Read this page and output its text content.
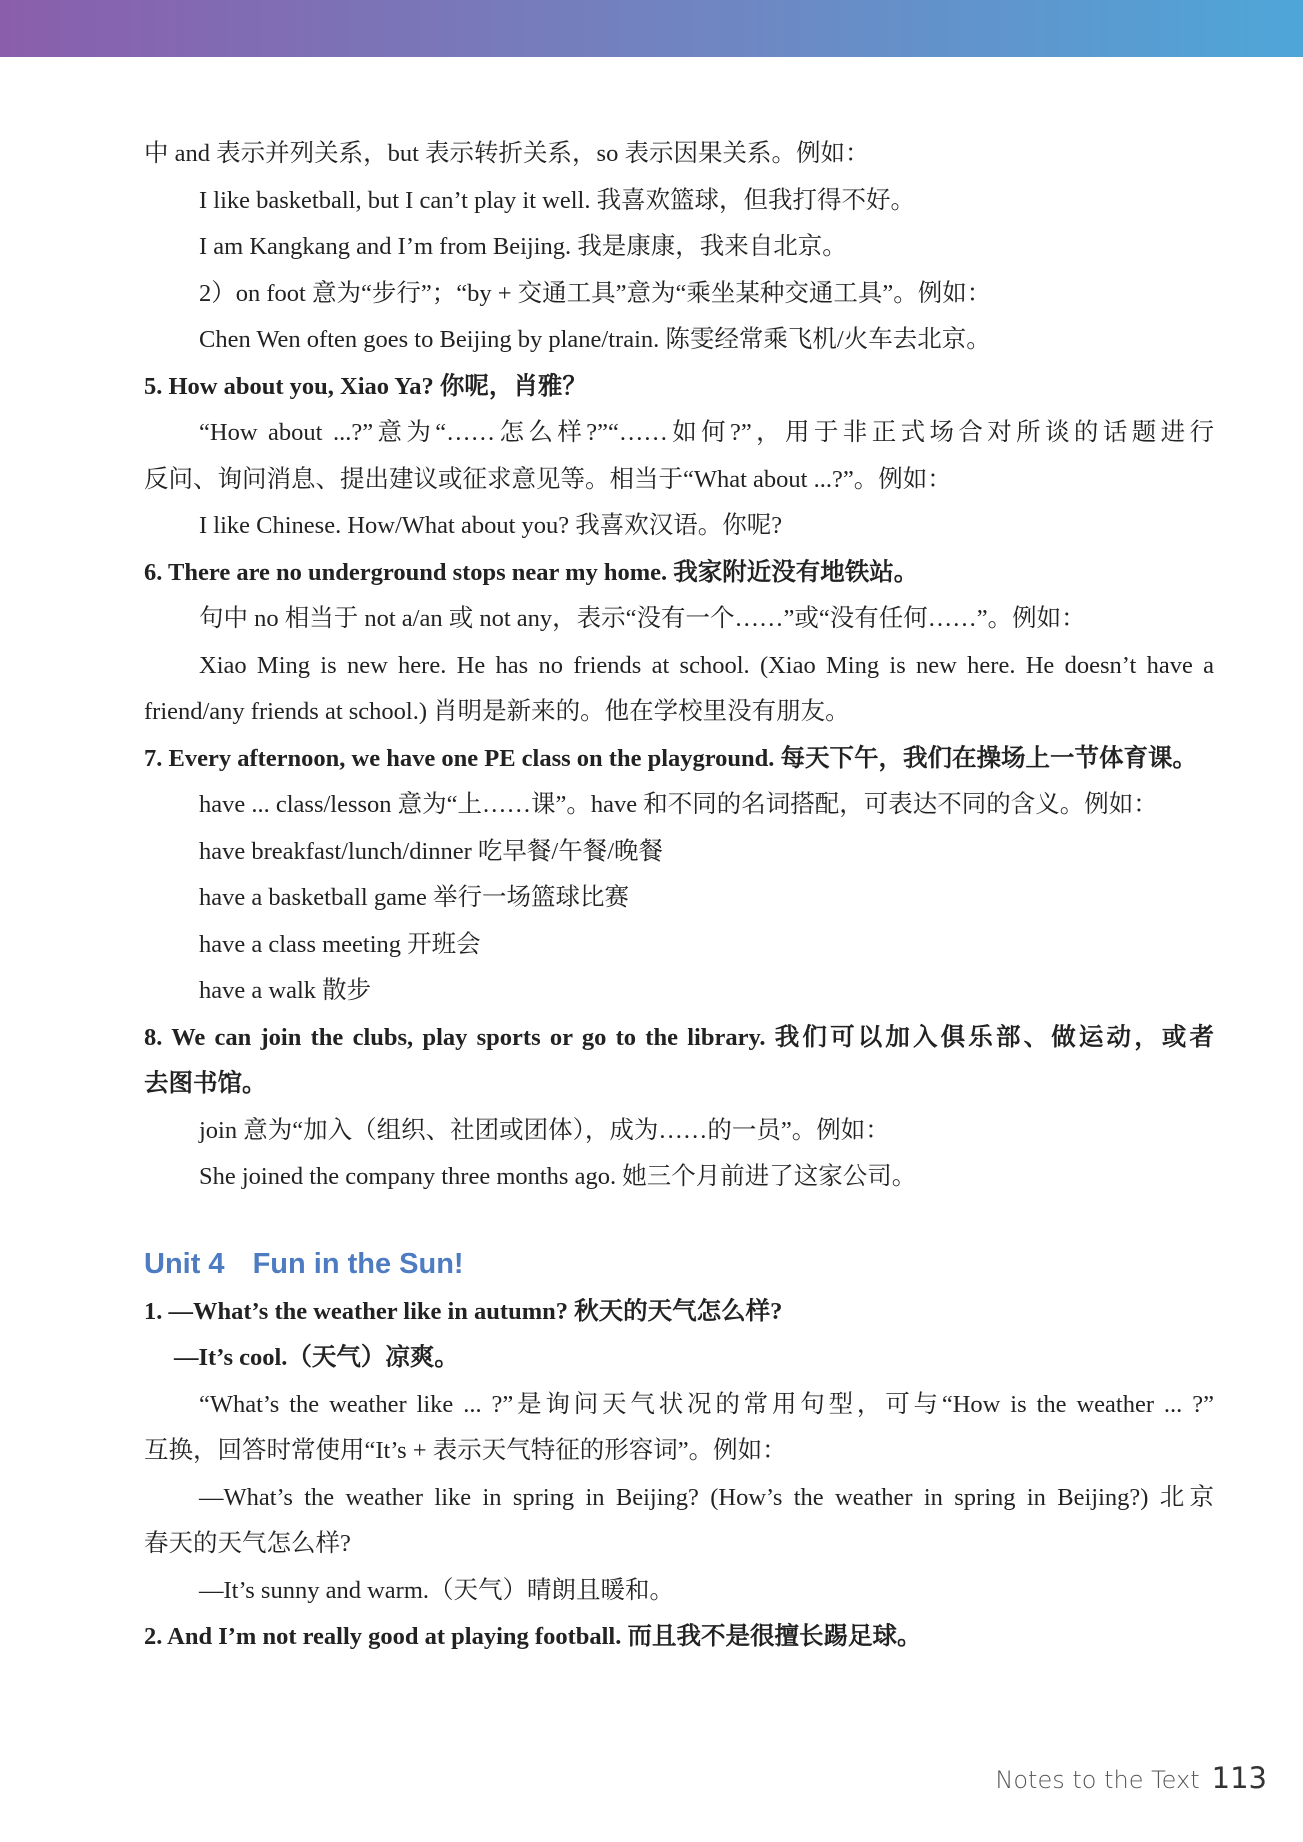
中 and 表示并列关系，but 表示转折关系，so 表示因果关系。例如：
I like basketball, but I can’t play it well. 我喜欢篮球，但我打得不好。
I am Kangkang and I’m from Beijing. 我是康康，我来自北京。
2）on foot 意为“步行”；“by + 交通工具”意为“乘坐某种交通工具”。例如：
Chen Wen often goes to Beijing by plane/train. 陈雯经常乘飞机/火车去北京。
5. How about you, Xiao Ya? 你呢，肖雅？
“How about ...?”意为“……怎么样?”“……如何?”，用于非正式场合对所谈的话题进行
反问、询问消息、提出建议或征求意见等。相当于“What about ...?”。例如：
I like Chinese. How/What about you? 我喜欢汉语。你呢?
6. There are no underground stops near my home. 我家附近没有地铁站。
句中 no 相当于 not a/an 或 not any，表示“没有一个……”或“没有任何……”。例如：
Xiao Ming is new here. He has no friends at school. (Xiao Ming is new here. He doesn’t have a
friend/any friends at school.) 肖明是新来的。他在学校里没有朋友。
7. Every afternoon, we have one PE class on the playground. 每天下午，我们在操场上一节体育课。
have ... class/lesson 意为“上……课”。have 和不同的名词搭配，可表达不同的含义。例如：
have breakfast/lunch/dinner 吃早餐/午餐/晚餐
have a basketball game 举行一场篮球比赛
have a class meeting 开班会
have a walk 散步
8. We can join the clubs, play sports or go to the library. 我们可以加入俱乐部、做运动，或者
去图书馆。
join 意为“加入（组织、社团或团体），成为……的一员”。例如：
She joined the company three months ago. 她三个月前进了这家公司。
Unit 4 Fun in the Sun!
1. —What’s the weather like in autumn? 秋天的天气怎么样?
—It’s cool.（天气）凉爽。
“What’s the weather like ... ?”是询问天气状况的常用句型，可与“How is the weather ... ?”
互换，回答时常使用“It’s + 表示天气特征的形容词”。例如：
—What’s the weather like in spring in Beijing? (How’s the weather in spring in Beijing?) 北京
春天的天气怎么样?
—It’s sunny and warm.（天气）晴朗且暖和。
2. And I’m not really good at playing football. 而且我不是很擅长踢足球。
Notes to the Text 113
